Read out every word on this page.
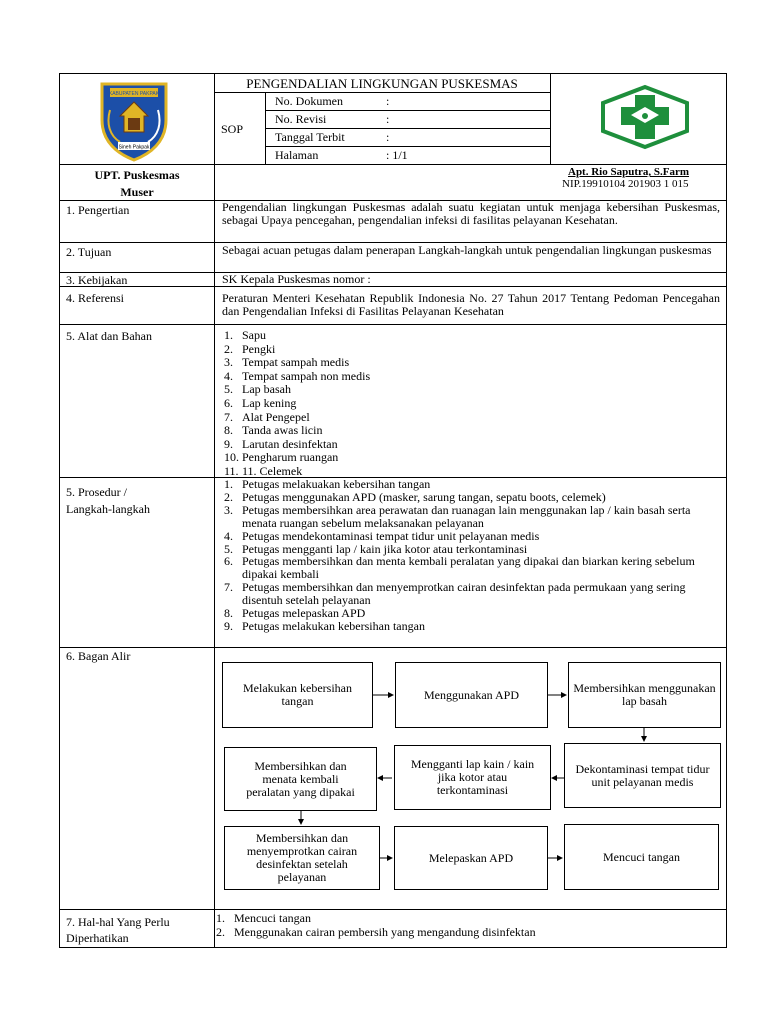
KABUPATEN PAKPAK
Sineh Pakpak
PENGENDALIAN LINGKUNGAN PUSKESMAS
SOP
No. Dokumen	:
No. Revisi	:
Tanggal Terbit	:
Halaman	: 1/1
UPT. Puskesmas Muser
Apt. Rio Saputra, S.Farm
NIP.19910104 201903 1 015
1. Pengertian	Pengendalian lingkungan Puskesmas adalah suatu kegiatan untuk menjaga kebersihan Puskesmas, sebagai Upaya pencegahan, pengendalian infeksi di fasilitas pelayanan Kesehatan.
2. Tujuan	Sebagai acuan petugas dalam penerapan Langkah-langkah untuk pengendalian lingkungan puskesmas
3. Kebijakan	SK Kepala Puskesmas nomor :
4. Referensi	Peraturan Menteri Kesehatan Republik Indonesia No. 27 Tahun 2017 Tentang Pedoman Pencegahan dan Pengendalian Infeksi di Fasilitas Pelayanan Kesehatan
5. Alat dan Bahan	1. Sapu
2. Pengki
3. Tempat sampah medis
4. Tempat sampah non medis
5. Lap basah
6. Lap kening
7. Alat Pengepel
8. Tanda awas licin
9. Larutan desinfektan
10. Pengharum ruangan
11. 11. Celemek
5. Prosedur /
Langkah-langkah
1. Petugas melakuakan kebersihan tangan
2. Petugas menggunakan APD (masker, sarung tangan, sepatu boots, celemek)
3. Petugas membersihkan area perawatan dan ruanagan lain menggunakan lap / kain basah serta menata ruangan sebelum melaksanakan pelayanan
4. Petugas mendekontaminasi tempat tidur unit pelayanan medis
5. Petugas mengganti lap / kain jika kotor atau terkontaminasi
6. Petugas membersihkan dan menta kembali peralatan yang dipakai dan biarkan kering sebelum dipakai kembali
7. Petugas membersihkan dan menyemprotkan cairan desinfektan pada permukaan yang sering disentuh setelah pelayanan
8. Petugas melepaskan APD
9. Petugas melakukan kebersihan tangan
6. Bagan Alir
Melakukan kebersihan tangan	Menggunakan APD	Membersihkan menggunakan lap basah
Dekontaminasi tempat tidur unit pelayanan medis
Mengganti lap kain / kain jika kotor atau terkontaminasi
Membersihkan dan menata kembali peralatan yang dipakai
Membersihkan dan menyemprotkan cairan desinfektan setelah pelayanan
Melepaskan APD	Mencuci tangan
7. Hal-hal Yang Perlu
Diperhatikan
1. Mencuci tangan
2. Menggunakan cairan pembersih yang mengandung disinfektan
